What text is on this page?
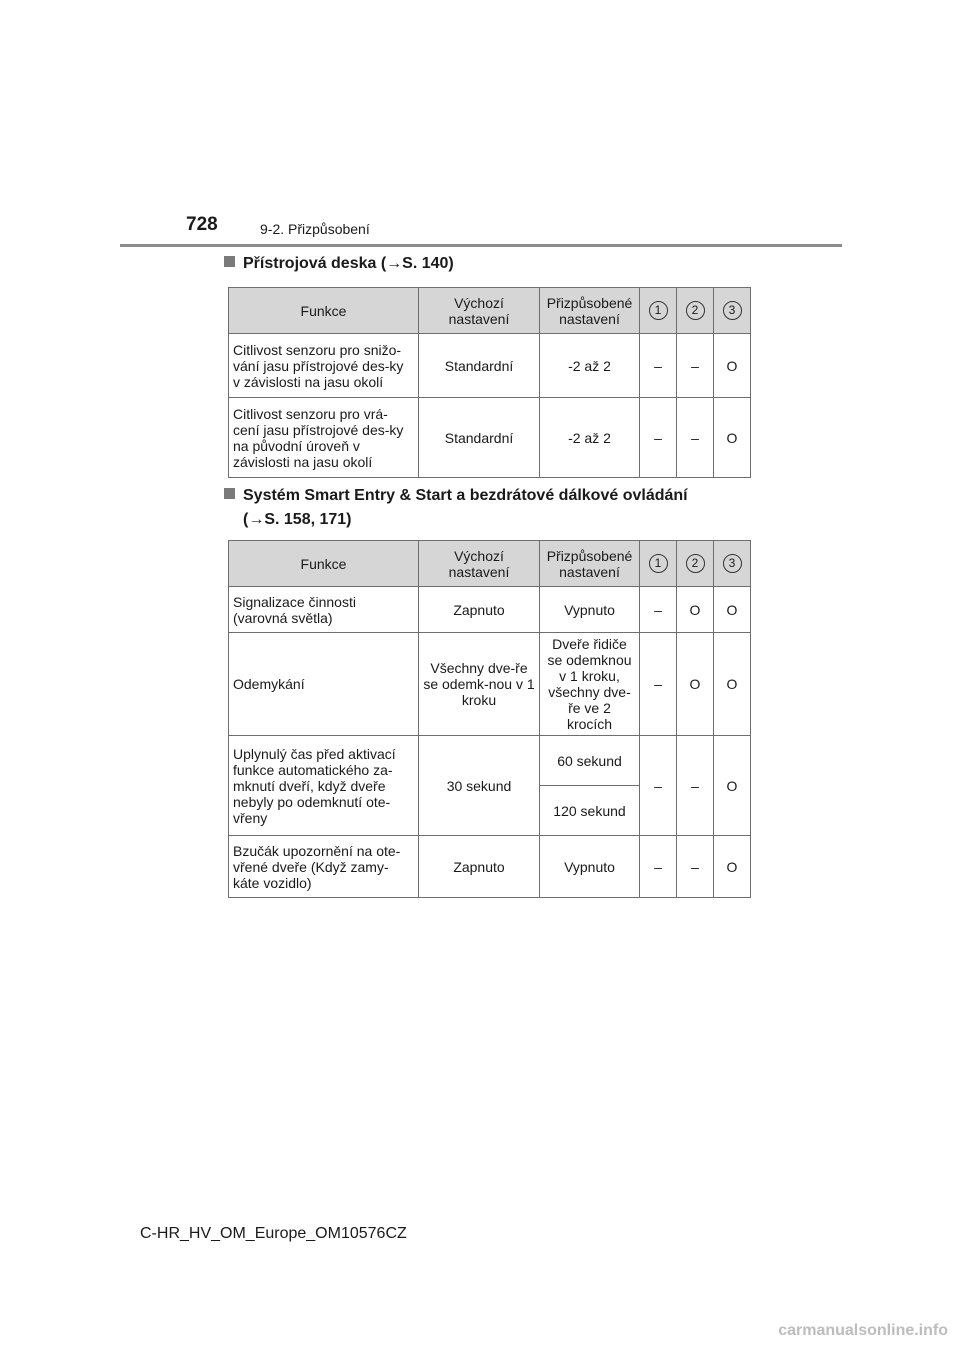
728	9-2. Přizpůsobení
Přístrojová deska (→S. 140)
Funkce	Výchozí nastavení	Přizpůsobené nastavení	1	2	3
Citlivost senzoru pro snižo-vání jasu přístrojové des-ky v závislosti na jasu okolí	Standardní	-2 až 2	–	–	O
Citlivost senzoru pro vrá-cení jasu přístrojové des-ky na původní úroveň v závislosti na jasu okolí	Standardní	-2 až 2	–	–	O
Systém Smart Entry & Start a bezdrátové dálkové ovládání
(→S. 158, 171)
Funkce	Výchozí nastavení	Přizpůsobené nastavení	1	2	3
Signalizace činnosti (varovná světla)	Zapnuto	Vypnuto	–	O	O
Odemykání	Všechny dve-ře se odemk-nou v 1 kroku	Dveře řidiče se odemknou v 1 kroku, všechny dve-ře ve 2 krocích	–	O	O
Uplynulý čas před aktivací funkce automatického za-mknutí dveří, když dveře nebyly po odemknutí ote-vřeny	30 sekund	60 sekund	–	–	O
		120 sekund			
Bzučák upozornění na ote-vřené dveře (Když zamy-káte vozidlo)	Zapnuto	Vypnuto	–	–	O
C-HR_HV_OM_Europe_OM10576CZ
carmanualsonline.info
